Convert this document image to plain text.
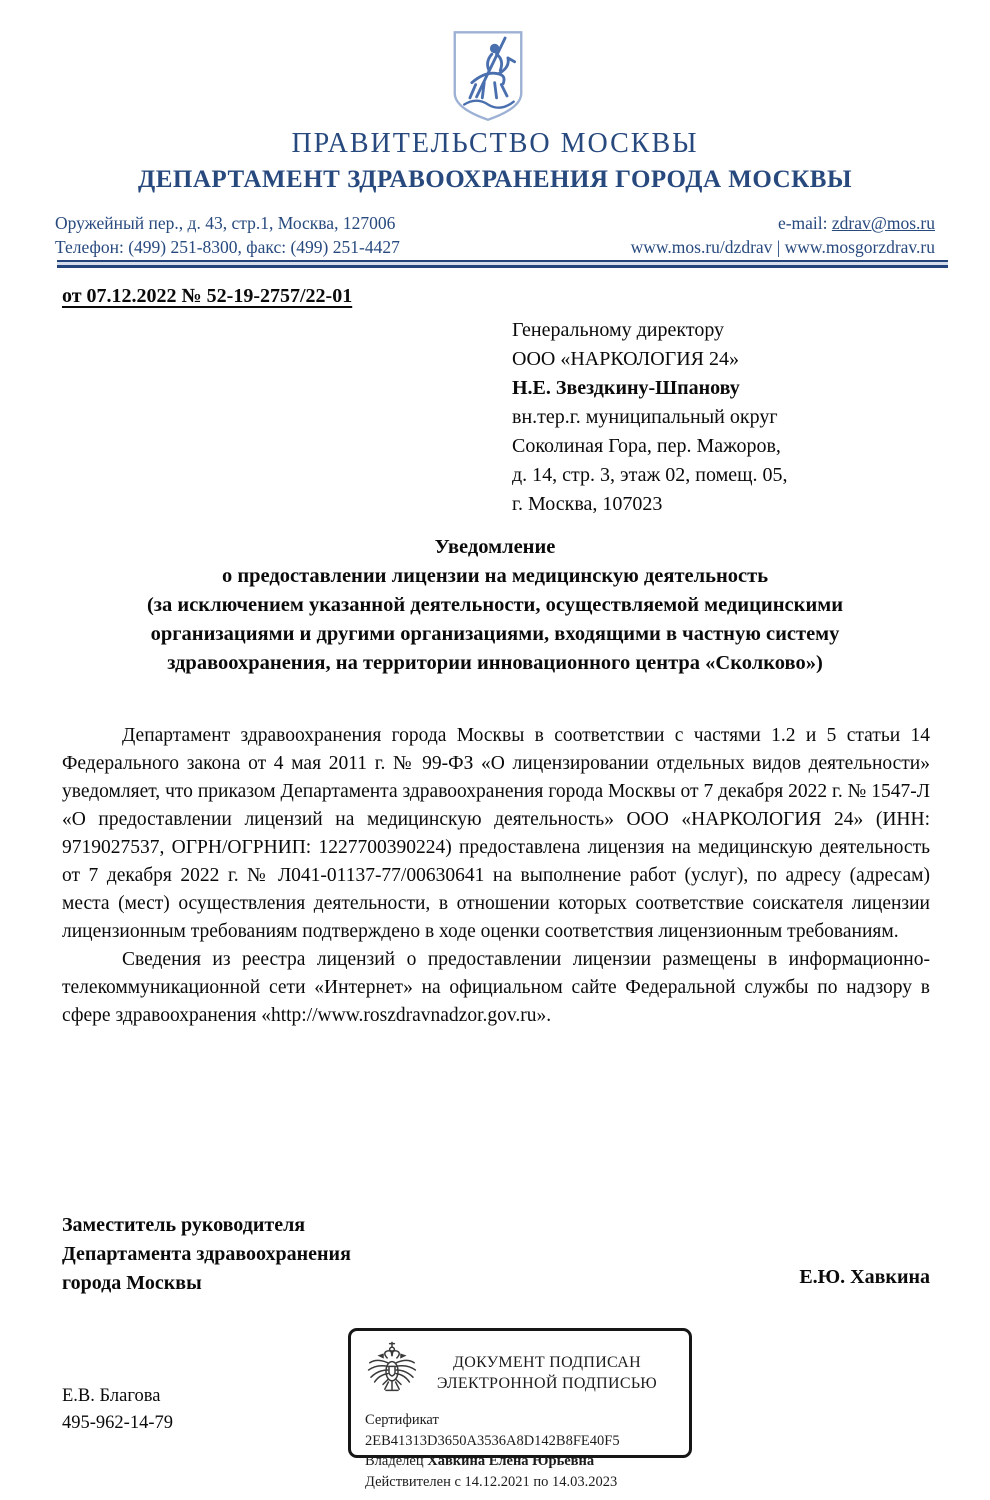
ПРАВИТЕЛЬСТВО МОСКВЫ
ДЕПАРТАМЕНТ ЗДРАВООХРАНЕНИЯ ГОРОДА МОСКВЫ
Оружейный пер., д. 43, стр.1, Москва, 127006
Телефон: (499) 251-8300, факс: (499) 251-4427
e-mail: zdrav@mos.ru
www.mos.ru/dzdrav | www.mosgorzdrav.ru
от 07.12.2022 № 52-19-2757/22-01
Генеральному директору
ООО «НАРКОЛОГИЯ 24»
Н.Е. Звездкину-Шпанову
вн.тер.г. муниципальный округ
Соколиная Гора, пер. Мажоров,
д. 14, стр. 3, этаж 02, помещ. 05,
г. Москва, 107023
Уведомление
о предоставлении лицензии на медицинскую деятельность
(за исключением указанной деятельности, осуществляемой медицинскими
организациями и другими организациями, входящими в частную систему
здравоохранения, на территории инновационного центра «Сколково»)

Департамент здравоохранения города Москвы в соответствии с частями 1.2 и 5 статьи 14 Федерального закона от 4 мая 2011 г. № 99-ФЗ «О лицензировании отдельных видов деятельности» уведомляет, что приказом Департамента здравоохранения города Москвы от 7 декабря 2022 г. № 1547-Л «О предоставлении лицензий на медицинскую деятельность» ООО «НАРКОЛОГИЯ 24» (ИНН: 9719027537, ОГРН/ОГРНИП: 1227700390224) предоставлена лицензия на медицинскую деятельность от 7 декабря 2022 г. № Л041-01137-77/00630641 на выполнение работ (услуг), по адресу (адресам) места (мест) осуществления деятельности, в отношении которых соответствие соискателя лицензии лицензионным требованиям подтверждено в ходе оценки соответствия лицензионным требованиям.

Сведения из реестра лицензий о предоставлении лицензии размещены в информационно-телекоммуникационной сети «Интернет» на официальном сайте Федеральной службы по надзору в сфере здравоохранения «http://www.roszdravnadzor.gov.ru».

Заместитель руководителя
Департамента здравоохранения
города Москвы	Е.Ю. Хавкина
Е.В. Благова
495-962-14-79
ДОКУМЕНТ ПОДПИСАН
ЭЛЕКТРОННОЙ ПОДПИСЬЮ
Сертификат 2EB41313D3650A3536A8D142B8FE40F5
Владелец Хавкина Елена Юрьевна
Действителен с 14.12.2021 по 14.03.2023
